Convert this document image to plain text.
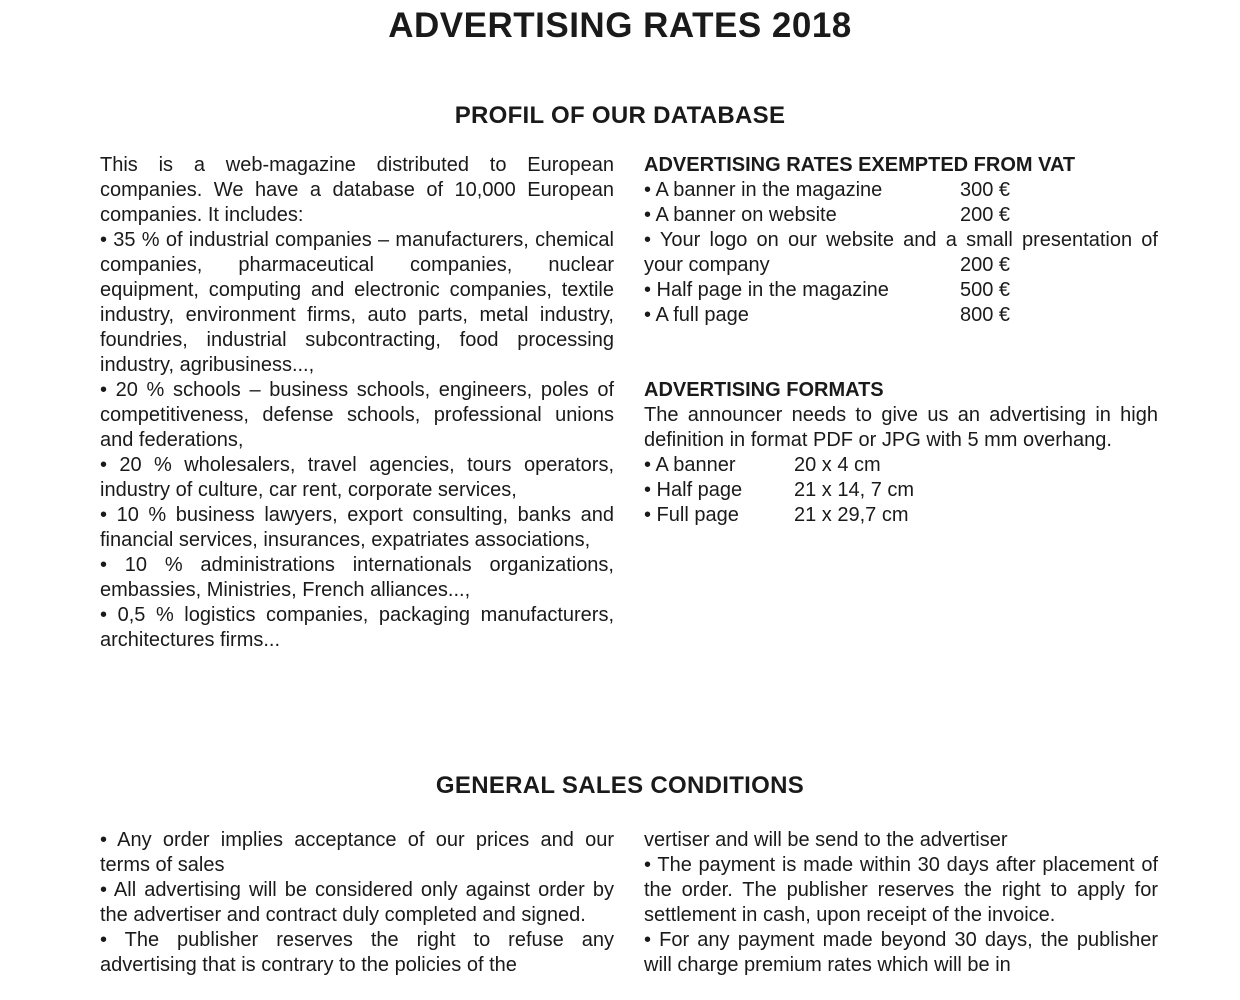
ADVERTISING RATES 2018
PROFIL OF OUR DATABASE

This is a web-magazine distributed to European companies. We have a database of 10,000 European companies. It includes:

• 35 % of industrial companies – manufacturers, chemical companies, pharmaceutical companies, nuclear equipment, computing and electronic companies, textile industry, environment firms, auto parts, metal industry, foundries, industrial subcontracting, food processing industry, agribusiness...,

• 20 % schools – business schools, engineers, poles of competitiveness, defense schools, professional unions and federations,

• 20 % wholesalers, travel agencies, tours operators, industry of culture, car rent, corporate services,

• 10 % business lawyers, export consulting, banks and financial services, insurances, expatriates associations,

• 10 % administrations internationals organizations, embassies, Ministries, French alliances...,

• 0,5 % logistics companies, packaging manufacturers, architectures firms...

ADVERTISING RATES EXEMPTED FROM VAT

• A banner in the magazine	300 €
• A banner on website	200 €
• Your logo on our website and a small presentation of your company	200 €
• Half page in the magazine	500 €
• A full page	800 €

ADVERTISING FORMATS

The announcer needs to give us an advertising in high definition in format PDF or JPG with 5 mm overhang.

• A banner	20 x 4 cm
• Half page	21 x 14, 7 cm
• Full page	21 x 29,7 cm
GENERAL SALES CONDITIONS

• Any order implies acceptance of our prices and our terms of sales

• All advertising will be considered only against order by the advertiser and contract duly completed and signed.

• The publisher reserves the right to refuse any advertising that is contrary to the policies of the

vertiser and will be send to the advertiser

• The payment is made within 30 days after placement of the order. The publisher reserves the right to apply for settlement in cash, upon receipt of the invoice.

• For any payment made beyond 30 days, the publisher will charge premium rates which will be in
